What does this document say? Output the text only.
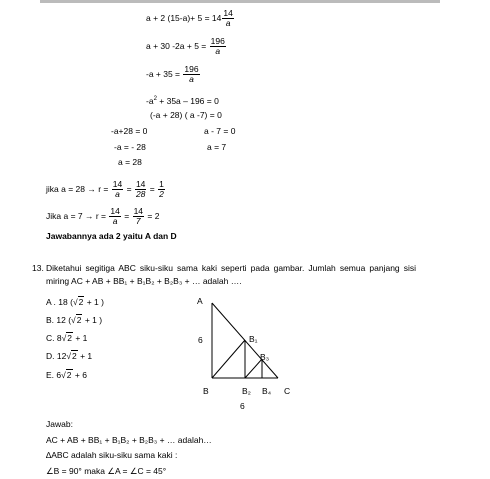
a + 2 $(15-a)+ 5 = 14 \frac{14}{a}$
a + 30 $-2a + 5 = \frac{196}{a}$
$-a + 35 = \frac{196}{a}$
$-a^2 + 35a - 196 = 0$
(-a + 28) ( a -7) = 0
-a+28 = 0	a - 7 = 0
-a = - 28	a = 7
a = 28
jika $a = 28 \to r = \frac{14}{a} = \frac{14}{28} = \frac{1}{2}$
Jika $a = 7 \to r = \frac{14}{a} = \frac{14}{7} = 2$
Jawabannya ada 2 yaitu A dan D
13. Diketahui segitiga ABC siku-siku sama kaki seperti pada gambar. Jumlah semua panjang sisi miring AC + AB + BB₁ + B₁B₂ + B₂B₃ + … adalah ….
A . 18 (√2 + 1 )
B. 12 (√2 + 1 )
C. 8√2 + 1
D. 12√2 + 1
E. 6√2 + 6
A
6
B
B₁
B₃
B₂ B₄ C
6
Jawab:
AC + AB + BB₁ + B₁B₂ + B₂B₃ + … adalah…
∆ABC adalah siku-siku sama kaki :
∠B = 90° maka ∠A = ∠C = 45°
